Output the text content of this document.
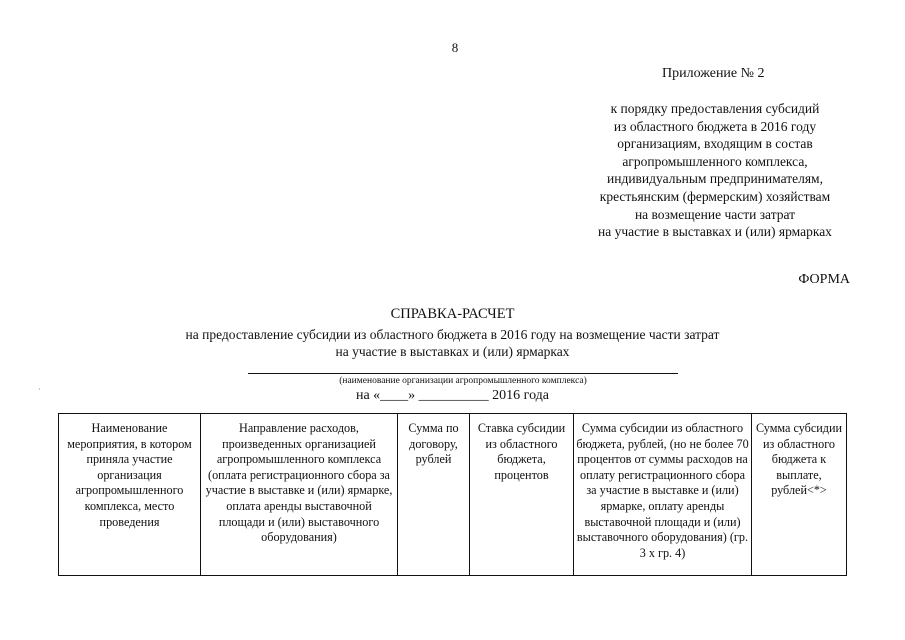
8
Приложение № 2
к порядку предоставления субсидий
из областного бюджета в 2016 году
организациям, входящим в состав
агропромышленного комплекса,
индивидуальным предпринимателям,
крестьянским (фермерским) хозяйствам
на возмещение части затрат
на участие в выставках и (или) ярмарках
ФОРМА
СПРАВКА-РАСЧЕТ
на предоставление субсидии из областного бюджета в 2016 году на возмещение части затрат
на участие в выставках и (или) ярмарках
(наименование организации агропромышленного комплекса)
на «____» __________ 2016 года
·
Наименование мероприятия, в котором приняла участие организация агропромышленного комплекса, место проведения	Направление расходов, произведенных организацией агропромышленного комплекса (оплата регистрационного сбора за участие в выставке и (или) ярмарке, оплата аренды выставочной площади и (или) выставочного оборудования)	Сумма по договору, рублей	Ставка субсидии из областного бюджета, процентов	Сумма субсидии из областного бюджета, рублей, (но не более 70 процентов от суммы расходов на оплату регистрационного сбора за участие в выставке и (или) ярмарке, оплату аренды выставочной площади и (или) выставочного оборудования) (гр. 3 х гр. 4)	Сумма субсидии из областного бюджета к выплате, рублей<*>
